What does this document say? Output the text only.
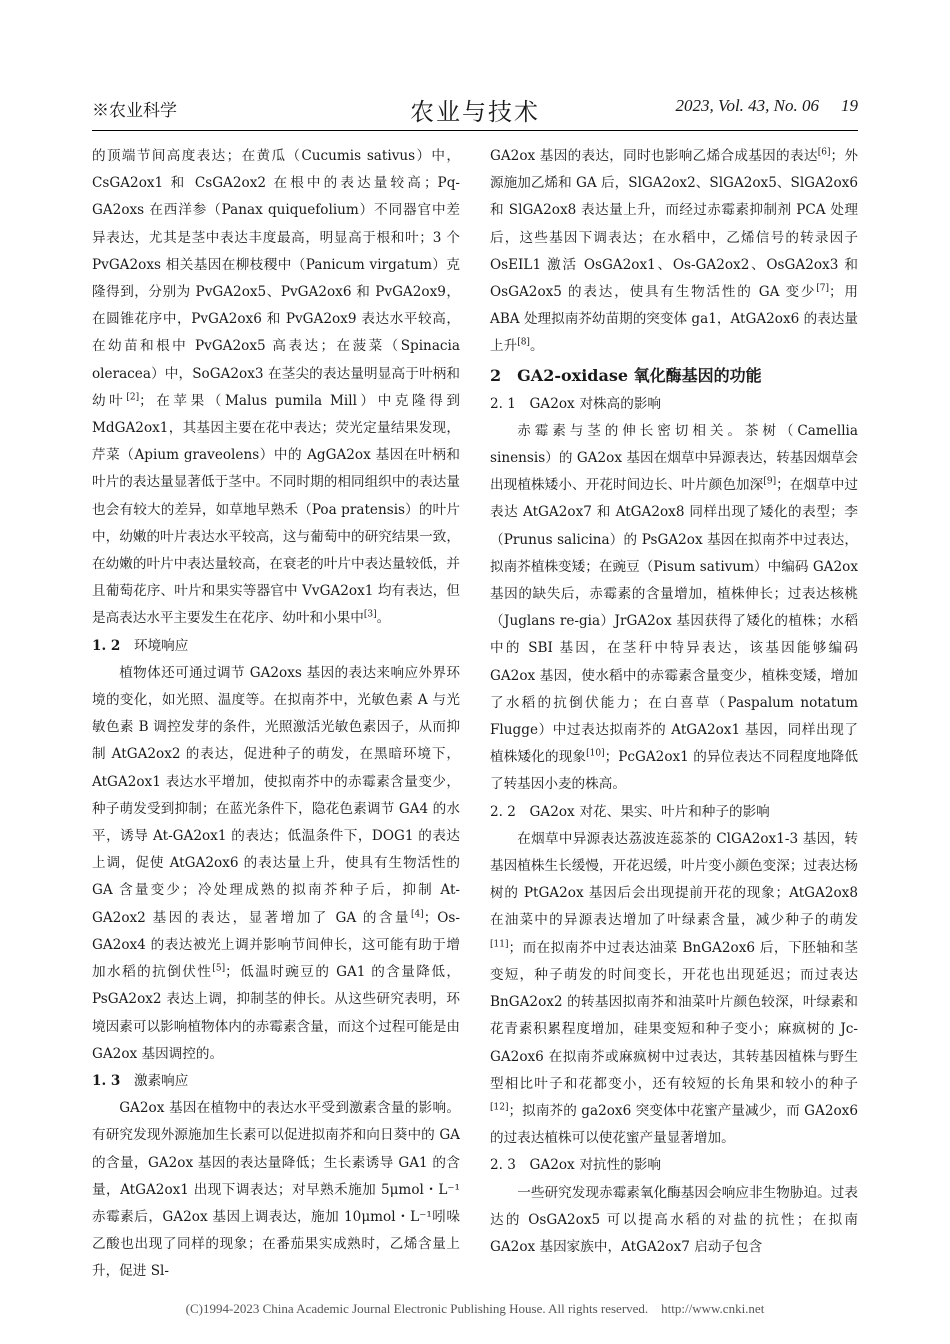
※农业科学	农业与技术	2023, Vol. 43, No. 06 19

的顶端节间高度表达；在黄瓜（Cucumis sativus）中，CsGA2ox1 和 CsGA2ox2 在根中的表达量较高；Pq-GA2oxs 在西洋参（Panax quiquefolium）不同器官中差异表达，尤其是茎中表达丰度最高，明显高于根和叶；3 个 PvGA2oxs 相关基因在柳枝稷中（Panicum virgatum）克隆得到，分别为 PvGA2ox5、PvGA2ox6 和 PvGA2ox9，在圆锥花序中，PvGA2ox6 和 PvGA2ox9 表达水平较高，在幼苗和根中 PvGA2ox5 高表达；在菠菜（Spinacia oleracea）中，SoGA2ox3 在茎尖的表达量明显高于叶柄和幼叶[2]；在苹果（Malus pumila Mill）中克隆得到 MdGA2ox1，其基因主要在花中表达；荧光定量结果发现，芹菜（Apium graveolens）中的 AgGA2ox 基因在叶柄和叶片的表达量显著低于茎中。不同时期的相同组织中的表达量也会有较大的差异，如草地早熟禾（Poa pratensis）的叶片中，幼嫩的叶片表达水平较高，这与葡萄中的研究结果一致，在幼嫩的叶片中表达量较高，在衰老的叶片中表达量较低，并且葡萄花序、叶片和果实等器官中 VvGA2ox1 均有表达，但是高表达水平主要发生在花序、幼叶和小果中[3]。

1. 2　 环境响应

植物体还可通过调节 GA2oxs 基因的表达来响应外界环境的变化，如光照、温度等。在拟南芥中，光敏色素 A 与光敏色素 B 调控发芽的条件，光照激活光敏色素因子，从而抑制 AtGA2ox2 的表达，促进种子的萌发，在黑暗环境下，AtGA2ox1 表达水平增加，使拟南芥中的赤霉素含量变少，种子萌发受到抑制；在蓝光条件下，隐花色素调节 GA4 的水平，诱导 At-GA2ox1 的表达；低温条件下，DOG1 的表达上调，促使 AtGA2ox6 的表达量上升，使具有生物活性的 GA 含量变少；冷处理成熟的拟南芥种子后，抑制 At-GA2ox2 基因的表达，显著增加了 GA 的含量[4]；Os-GA2ox4 的表达被光上调并影响节间伸长，这可能有助于增加水稻的抗倒伏性[5]；低温时豌豆的 GA1 的含量降低，PsGA2ox2 表达上调，抑制茎的伸长。从这些研究表明，环境因素可以影响植物体内的赤霉素含量，而这个过程可能是由 GA2ox 基因调控的。

1. 3　 激素响应

GA2ox 基因在植物中的表达水平受到激素含量的影响。有研究发现外源施加生长素可以促进拟南芥和向日葵中的 GA 的含量，GA2ox 基因的表达量降低；生长素诱导 GA1 的含量，AtGA2ox1 出现下调表达；对早熟禾施加 5μmol・L⁻¹赤霉素后，GA2ox 基因上调表达，施加 10μmol・L⁻¹吲哚乙酸也出现了同样的现象；在番茄果实成熟时，乙烯含量上升，促进 Sl-

GA2ox 基因的表达，同时也影响乙烯合成基因的表达[6]；外源施加乙烯和 GA 后，SlGA2ox2、SlGA2ox5、SlGA2ox6 和 SlGA2ox8 表达量上升，而经过赤霉素抑制剂 PCA 处理后，这些基因下调表达；在水稻中，乙烯信号的转录因子 OsEIL1 激活 OsGA2ox1、Os-GA2ox2、OsGA2ox3 和 OsGA2ox5 的表达，使具有生物活性的 GA 变少[7]；用 ABA 处理拟南芥幼苗期的突变体 ga1，AtGA2ox6 的表达量上升[8]。

2　GA2-oxidase 氧化酶基因的功能

2. 1　 GA2ox 对株高的影响

赤霉素与茎的伸长密切相关。茶树（Camellia sinensis）的 GA2ox 基因在烟草中异源表达，转基因烟草会出现植株矮小、开花时间边长、叶片颜色加深[9]；在烟草中过表达 AtGA2ox7 和 AtGA2ox8 同样出现了矮化的表型；李（Prunus salicina）的 PsGA2ox 基因在拟南芥中过表达，拟南芥植株变矮；在豌豆（Pisum sativum）中编码 GA2ox 基因的缺失后，赤霉素的含量增加，植株伸长；过表达核桃（Juglans re-gia）JrGA2ox 基因获得了矮化的植株；水稻中的 SBI 基因，在茎秆中特异表达，该基因能够编码 GA2ox 基因，使水稻中的赤霉素含量变少，植株变矮，增加了水稻的抗倒伏能力；在白喜草（Paspalum notatum Flugge）中过表达拟南芥的 AtGA2ox1 基因，同样出现了植株矮化的现象[10]；PcGA2ox1 的异位表达不同程度地降低了转基因小麦的株高。

2. 2　 GA2ox 对花、果实、叶片和种子的影响

在烟草中异源表达荔波连蕊茶的 ClGA2ox1-3 基因，转基因植株生长缓慢，开花迟缓，叶片变小颜色变深；过表达杨树的 PtGA2ox 基因后会出现提前开花的现象；AtGA2ox8 在油菜中的异源表达增加了叶绿素含量，减少种子的萌发[11]；而在拟南芥中过表达油菜 BnGA2ox6 后，下胚轴和茎变短，种子萌发的时间变长，开花也出现延迟；而过表达 BnGA2ox2 的转基因拟南芥和油菜叶片颜色较深，叶绿素和花青素积累程度增加，硅果变短和种子变小；麻疯树的 Jc-GA2ox6 在拟南芥或麻疯树中过表达，其转基因植株与野生型相比叶子和花都变小，还有较短的长角果和较小的种子[12]；拟南芥的 ga2ox6 突变体中花蜜产量减少，而 GA2ox6 的过表达植株可以使花蜜产量显著增加。

2. 3　 GA2ox 对抗性的影响

一些研究发现赤霉素氧化酶基因会响应非生物胁迫。过表达的 OsGA2ox5 可以提高水稻的对盐的抗性；在拟南 GA2ox 基因家族中，AtGA2ox7 启动子包含

(C)1994-2023 China Academic Journal Electronic Publishing House. All rights reserved.　http://www.cnki.net
